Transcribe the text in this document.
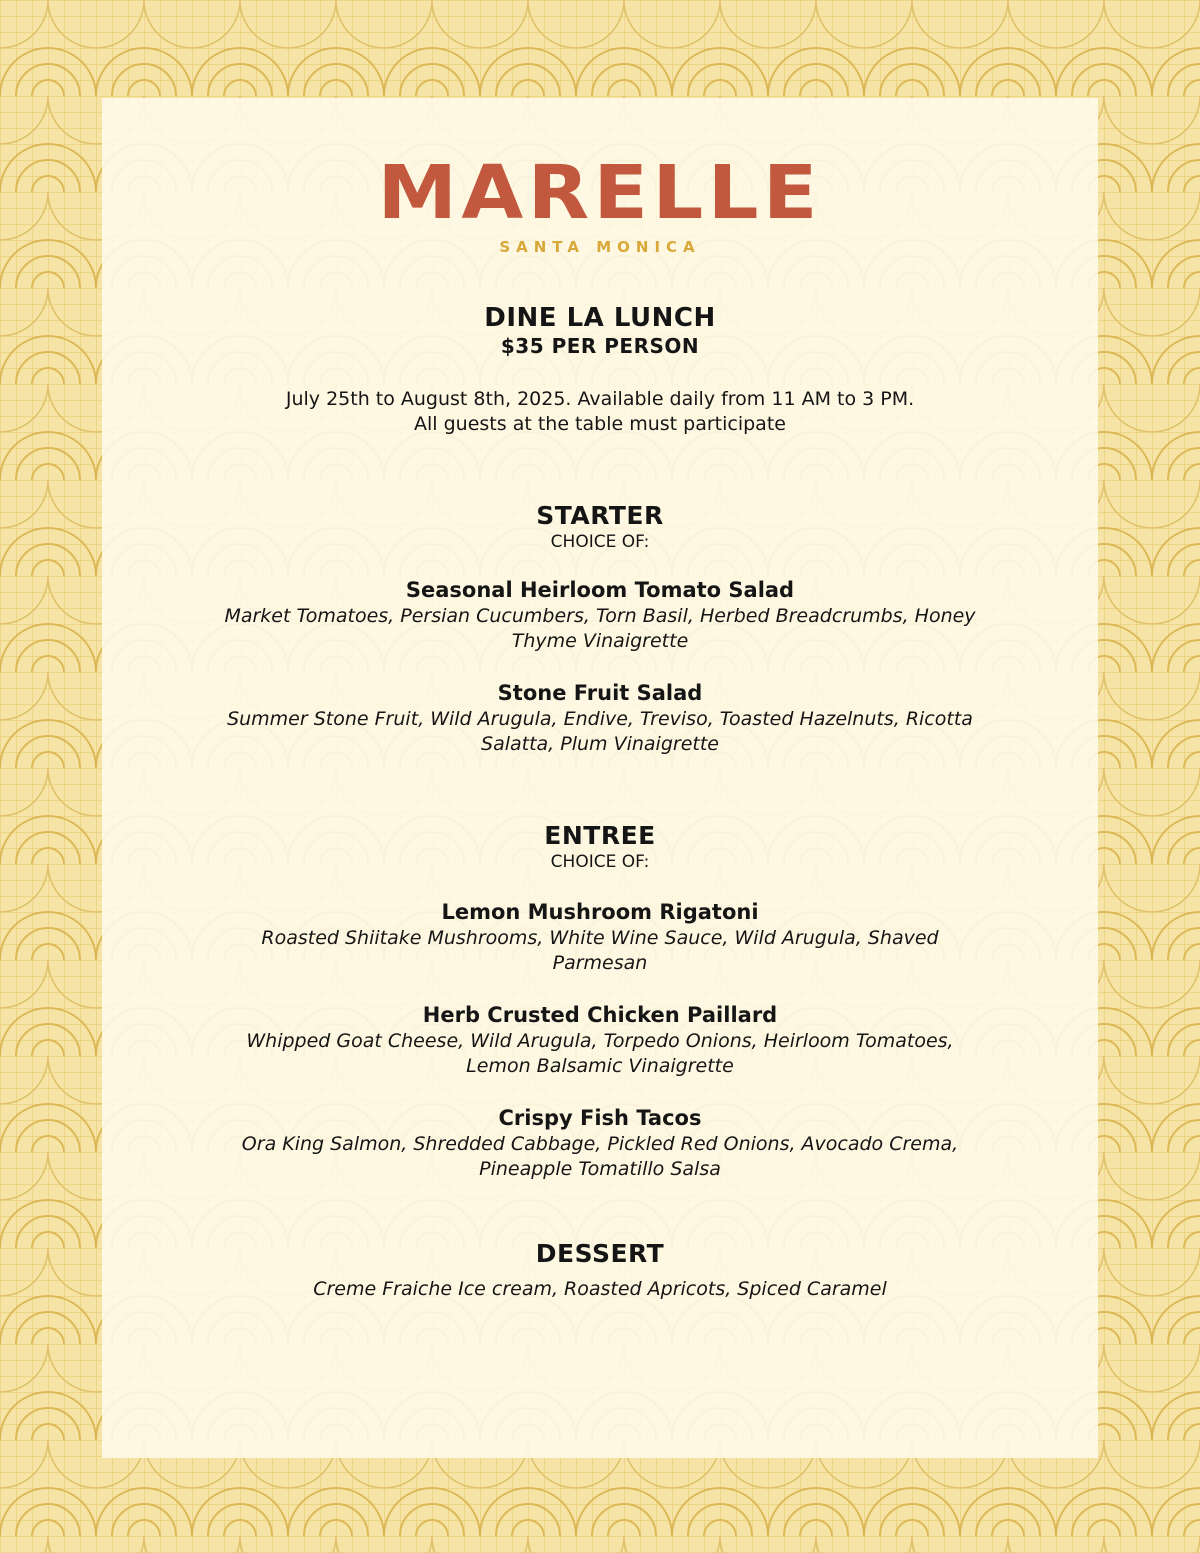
MARELLE
SANTA MONICA
DINE LA LUNCH
$35 PER PERSON
July 25th to August 8th, 2025. Available daily from 11 AM to 3 PM.
All guests at the table must participate
STARTER
CHOICE OF:
Seasonal Heirloom Tomato Salad
Market Tomatoes, Persian Cucumbers, Torn Basil, Herbed Breadcrumbs, Honey
Thyme Vinaigrette
Stone Fruit Salad
Summer Stone Fruit, Wild Arugula, Endive, Treviso, Toasted Hazelnuts, Ricotta
Salatta, Plum Vinaigrette
ENTREE
CHOICE OF:
Lemon Mushroom Rigatoni
Roasted Shiitake Mushrooms, White Wine Sauce, Wild Arugula, Shaved
Parmesan
Herb Crusted Chicken Paillard
Whipped Goat Cheese, Wild Arugula, Torpedo Onions, Heirloom Tomatoes,
Lemon Balsamic Vinaigrette
Crispy Fish Tacos
Ora King Salmon, Shredded Cabbage, Pickled Red Onions, Avocado Crema,
Pineapple Tomatillo Salsa
DESSERT
Creme Fraiche Ice cream, Roasted Apricots, Spiced Caramel
